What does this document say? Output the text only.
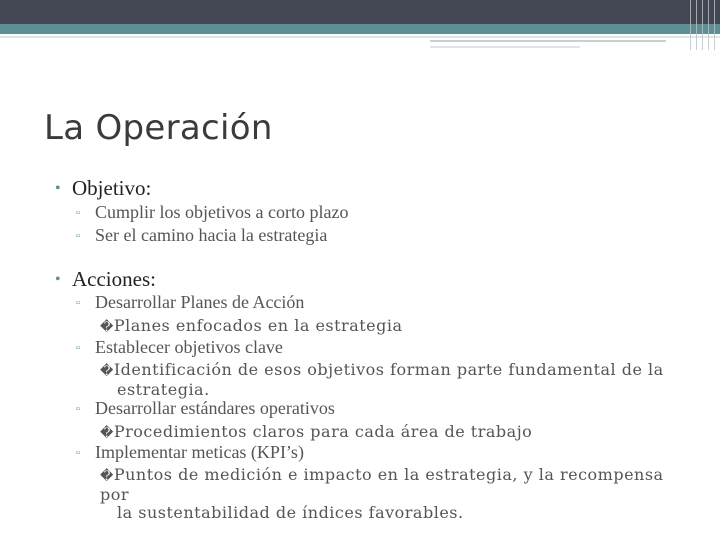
La Operación
• Objetivo:
▫ Cumplir los objetivos a corto plazo
▫ Ser el camino hacia la estrategia
• Acciones:
▫ Desarrollar Planes de Acción
�Planes enfocados en la estrategia
▫ Establecer objetivos clave
�Identificación de esos objetivos forman parte fundamental de la
estrategia.
▫ Desarrollar estándares operativos
�Procedimientos claros para cada área de trabajo
▫ Implementar meticas (KPI’s)
�Puntos de medición e impacto en la estrategia, y la recompensa por
la sustentabilidad de índices favorables.
